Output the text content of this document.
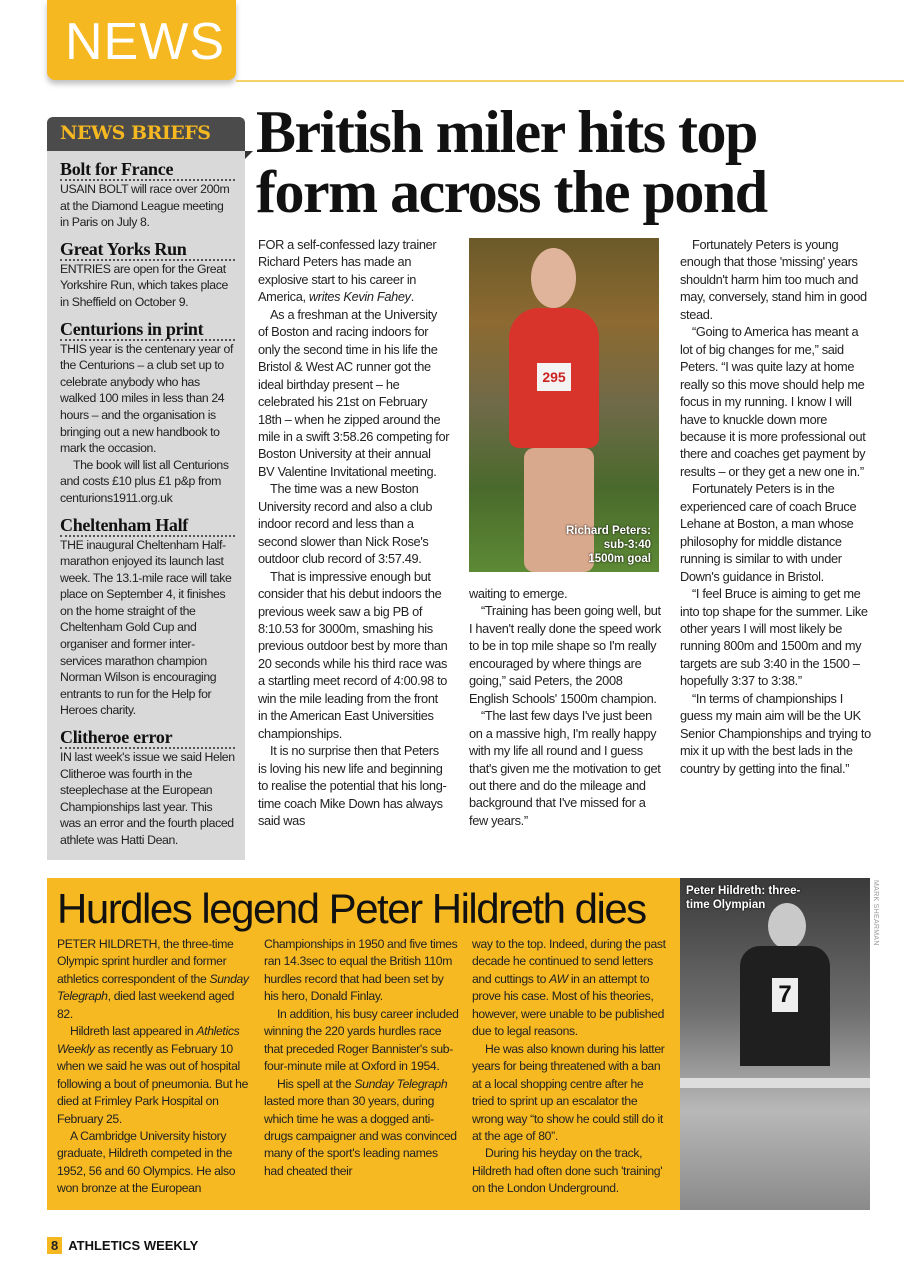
NEWS
NEWS BRIEFS
Bolt for France

USAIN BOLT will race over 200m at the Diamond League meeting in Paris on July 8.

Great Yorks Run

ENTRIES are open for the Great Yorkshire Run, which takes place in Sheffield on October 9.

Centurions in print

THIS year is the centenary year of the Centurions – a club set up to celebrate anybody who has walked 100 miles in less than 24 hours – and the organisation is bringing out a new handbook to mark the occasion.

The book will list all Centurions and costs £10 plus £1 p&p from centurions1911.org.uk

Cheltenham Half

THE inaugural Cheltenham Half-marathon enjoyed its launch last week. The 13.1-mile race will take place on September 4, it finishes on the home straight of the Cheltenham Gold Cup and organiser and former inter-services marathon champion Norman Wilson is encouraging entrants to run for the Help for Heroes charity.

Clitheroe error

IN last week's issue we said Helen Clitheroe was fourth in the steeplechase at the European Championships last year. This was an error and the fourth placed athlete was Hatti Dean.

British miler hits top form across the pond

FOR a self-confessed lazy trainer Richard Peters has made an explosive start to his career in America, writes Kevin Fahey.

As a freshman at the University of Boston and racing indoors for only the second time in his life the Bristol & West AC runner got the ideal birthday present – he celebrated his 21st on February 18th – when he zipped around the mile in a swift 3:58.26 competing for Boston University at their annual BV Valentine Invitational meeting.

The time was a new Boston University record and also a club indoor record and less than a second slower than Nick Rose's outdoor club record of 3:57.49.

That is impressive enough but consider that his debut indoors the previous week saw a big PB of 8:10.53 for 3000m, smashing his previous outdoor best by more than 20 seconds while his third race was a startling meet record of 4:00.98 to win the mile leading from the front in the American East Universities championships.

It is no surprise then that Peters is loving his new life and beginning to realise the potential that his long-time coach Mike Down has always said was

295
Richard Peters:
sub-3:40
1500m goal

waiting to emerge.

“Training has been going well, but I haven't really done the speed work to be in top mile shape so I'm really encouraged by where things are going,” said Peters, the 2008 English Schools' 1500m champion.

“The last few days I've just been on a massive high, I'm really happy with my life all round and I guess that's given me the motivation to get out there and do the mileage and background that I've missed for a few years.”

Fortunately Peters is young enough that those 'missing' years shouldn't harm him too much and may, conversely, stand him in good stead.

“Going to America has meant a lot of big changes for me,” said Peters. “I was quite lazy at home really so this move should help me focus in my running. I know I will have to knuckle down more because it is more professional out there and coaches get payment by results – or they get a new one in.”

Fortunately Peters is in the experienced care of coach Bruce Lehane at Boston, a man whose philosophy for middle distance running is similar to with under Down's guidance in Bristol.

“I feel Bruce is aiming to get me into top shape for the summer. Like other years I will most likely be running 800m and 1500m and my targets are sub 3:40 in the 1500 – hopefully 3:37 to 3:38.”

“In terms of championships I guess my main aim will be the UK Senior Championships and trying to mix it up with the best lads in the country by getting into the final.”

Hurdles legend Peter Hildreth dies

PETER HILDRETH, the three-time Olympic sprint hurdler and former athletics correspondent of the Sunday Telegraph, died last weekend aged 82.

Hildreth last appeared in Athletics Weekly as recently as February 10 when we said he was out of hospital following a bout of pneumonia. But he died at Frimley Park Hospital on February 25.

A Cambridge University history graduate, Hildreth competed in the 1952, 56 and 60 Olympics. He also won bronze at the European

Championships in 1950 and five times ran 14.3sec to equal the British 110m hurdles record that had been set by his hero, Donald Finlay.

In addition, his busy career included winning the 220 yards hurdles race that preceded Roger Bannister's sub-four-minute mile at Oxford in 1954.

His spell at the Sunday Telegraph lasted more than 30 years, during which time he was a dogged anti-drugs campaigner and was convinced many of the sport's leading names had cheated their

way to the top. Indeed, during the past decade he continued to send letters and cuttings to AW in an attempt to prove his case. Most of his theories, however, were unable to be published due to legal reasons.

He was also known during his latter years for being threatened with a ban at a local shopping centre after he tried to sprint up an escalator the wrong way “to show he could still do it at the age of 80”.

During his heyday on the track, Hildreth had often done such 'training' on the London Underground.

7
Peter Hildreth: three-time Olympian	MARK SHEARMAN
8 ATHLETICS WEEKLY
